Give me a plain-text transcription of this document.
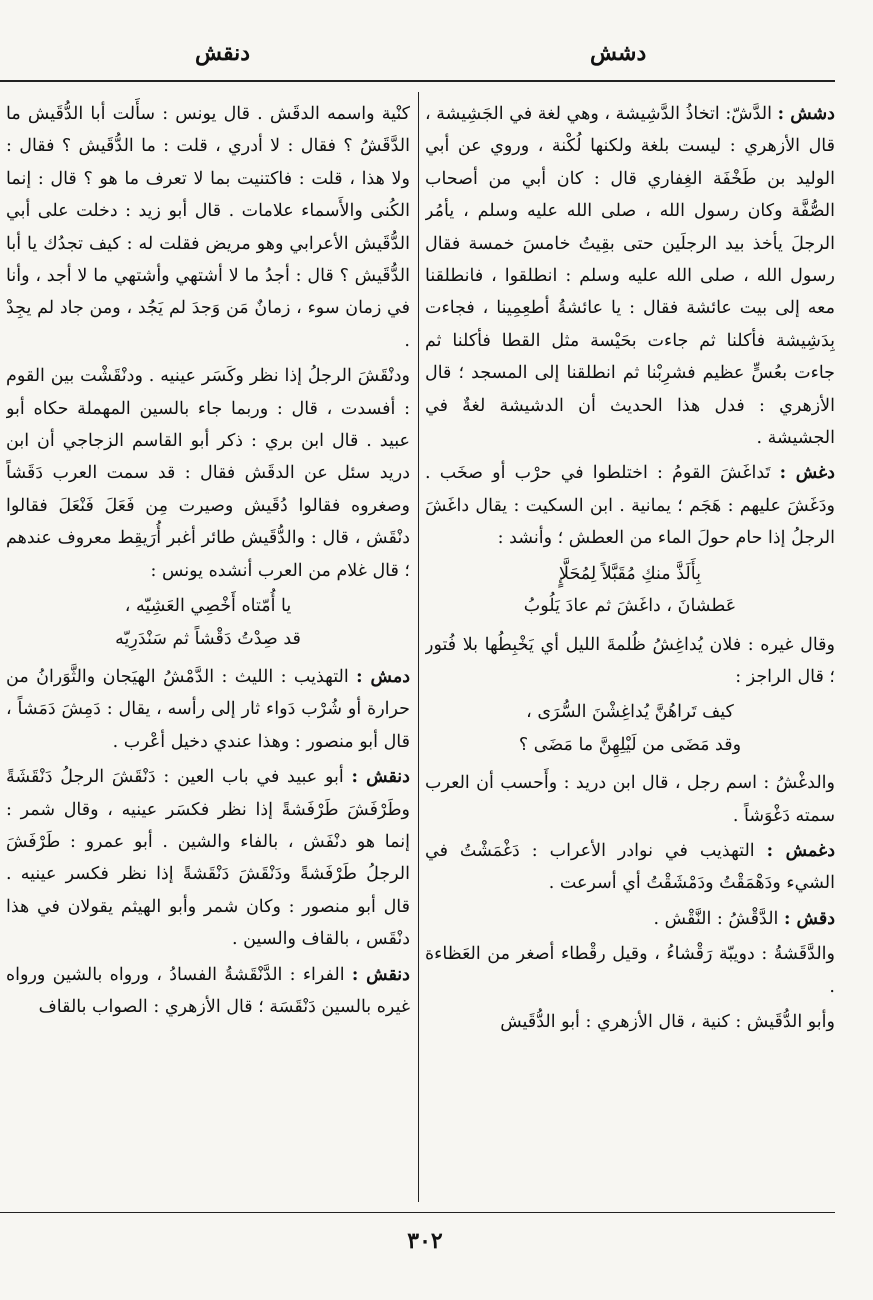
دشش
دنقش

دشش : الدَّشّ: اتخاذُ الدَّشِيشة ، وهي لغة في الجَشِيشة ، قال الأزهري : ليست بلغة ولكنها لُكْنة ، وروي عن أبي الوليد بن طَخْفَة الغِفاري قال : كان أبي من أصحاب الصُّفَّة وكان رسول الله ، صلى الله عليه وسلم ، يأمُر الرجلَ يأخذ بيد الرجلَين حتى بقِيتُ خامسَ خمسة فقال رسول الله ، صلى الله عليه وسلم : انطلقوا ، فانطلقنا معه إلى بيت عائشة فقال : يا عائشةُ أطعِمِينا ، فجاءت بِدَشِيشة فأكلنا ثم جاءت بحَيْسة مثل القطا فأكلنا ثم جاءت بعُسٍّ عظيم فشرِبْنا ثم انطلقنا إلى المسجد ؛ قال الأزهري : فدل هذا الحديث أن الدشيشة لغةٌ في الجشيشة .

دغش : تَداغَشَ القومُ : اختلطوا في حرْب أو صخَب . ودَغَشَ عليهم : هَجَم ؛ يمانية . ابن السكيت : يقال داغَشَ الرجلُ إذا حام حولَ الماء من العطش ؛ وأنشد :

بِأَلَذَّ منكِ مُقَبَّلاً لِمُحَلَّإٍ
عَطشانَ ، داغَشَ ثم عادَ يَلُوبُ

وقال غيره : فلان يُداغِشُ ظُلمةَ الليل أي يَخْبِطُها بلا فُتور ؛ قال الراجز :

كيف تَراهُنَّ يُداغِشْنَ السُّرَى ،
وقد مَضَى من لَيْلِهِنَّ ما مَضَى ؟

والدغْشُ : اسم رجل ، قال ابن دريد : وأَحسب أن العرب سمته دَغْوَشاً .

دغمش : التهذيب في نوادر الأعراب : دَغْمَشْتُ في الشيء ودَهْمَقْتُ ودَمْشَقْتُ أي أسرعت .

دقش : الدَّقْشُ : النَّقْش .

والدَّقَشةُ : دويبّة رَقْشاءُ ، وقيل رقْطاء أصغر من العَظاءة .

وأبو الدُّقَيش : كنية ، قال الأزهري : أبو الدُّقَيش

كنْية واسمه الدقَش . قال يونس : سأَلت أبا الدُّقَيش ما الدَّقَشُ ؟ فقال : لا أدري ، قلت : ما الدُّقَيش ؟ فقال : ولا هذا ، قلت : فاكتنيت بما لا تعرف ما هو ؟ قال : إنما الكُنى والأَسماء علامات . قال أبو زيد : دخلت على أبي الدُّقَيش الأعرابي وهو مريض فقلت له : كيف تجدُك يا أبا الدُّقَيش ؟ قال : أجدُ ما لا أشتهي وأشتهي ما لا أجد ، وأنا في زمان سوء ، زمانٌ مَن وَجدَ لم يَجُد ، ومن جاد لم يجِدْ .

ودنْقَشَ الرجلُ إذا نظر وكَسَر عينيه . ودنْقَشْت بين القوم : أفسدت ، قال : وربما جاء بالسين المهملة حكاه أبو عبيد . قال ابن بري : ذكر أبو القاسم الزجاجي أن ابن دريد سئل عن الدقَش فقال : قد سمت العرب دَقَشاً وصغروه فقالوا دُقَيش وصيرت مِن فَعَلَ فَنْعَلَ فقالوا دنْقَش ، قال : والدُّقَيش طائر أغبر أُرَيقِط معروف عندهم ؛ قال غلام من العرب أنشده يونس :

يا أُمّتاه أَخْصِي العَشِيّه ،
قد صِدْتُ دَقْشاً ثم سَنْدَرِيّه

دمش : التهذيب : الليث : الدَّمْشُ الهيَجان والثَّوَرانُ من حرارة أو شُرْب دَواء ثار إلى رأسه ، يقال : دَمِشَ دَمَشاً ، قال أبو منصور : وهذا عندي دخيل أعْرب .

دنقش : أبو عبيد في باب العين : دَنْقَشَ الرجلُ دَنْقَشَةً وطَرْفَشَ طَرْفَشةً إذا نظر فكسَر عينيه ، وقال شمر : إنما هو دنْفَش ، بالفاء والشين . أبو عمرو : طَرْفَشَ الرجلُ طَرْفَشةً ودَنْقَشَ دَنْقَشةً إذا نظر فكسر عينيه . قال أبو منصور : وكان شمر وأبو الهيثم يقولان في هذا دنْقَس ، بالقاف والسين .

دنقش : الفراء : الدَّنْقَشةُ الفسادُ ، ورواه بالشين ورواه غيره بالسين دَنْقَسَة ؛ قال الأزهري : الصواب بالقاف

٣٠٢
